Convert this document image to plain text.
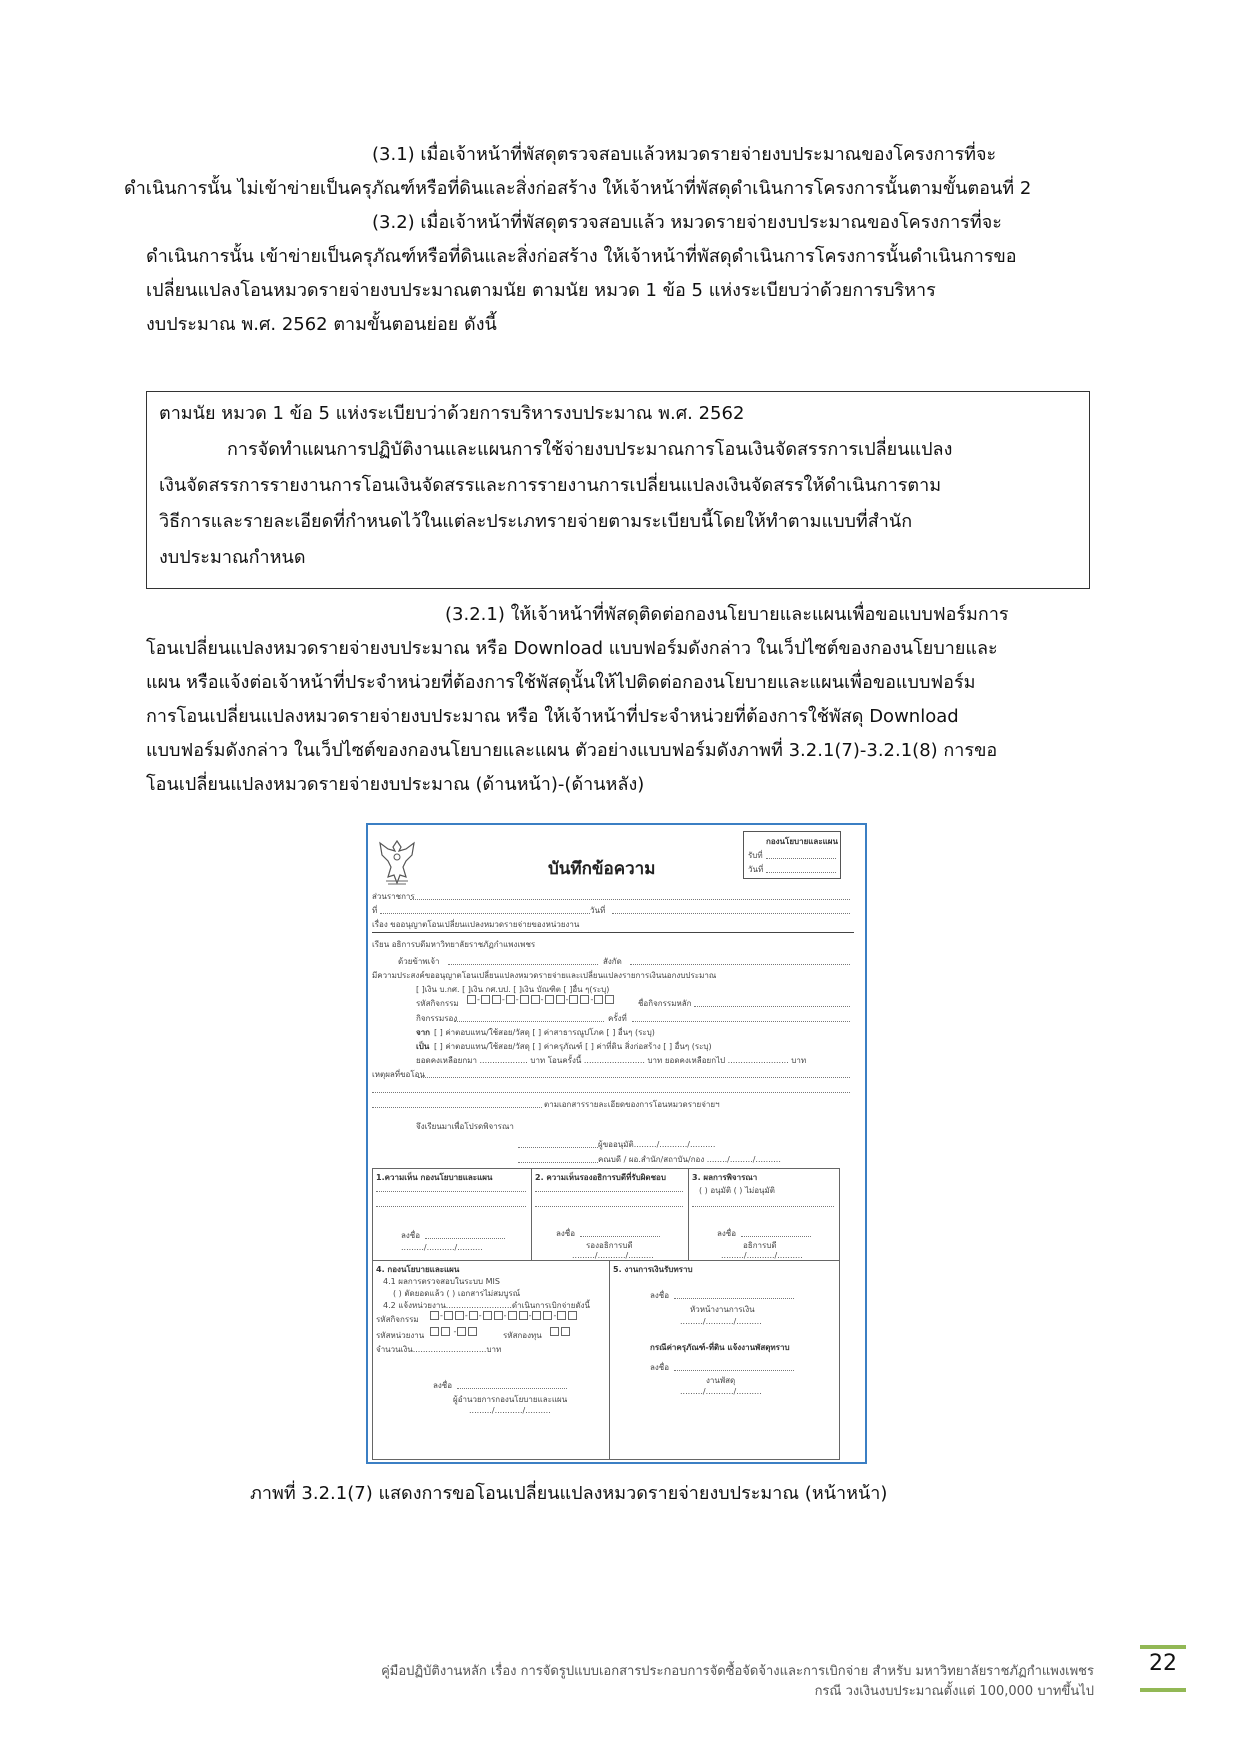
(3.1) เมื่อเจ้าหน้าที่พัสดุตรวจสอบแล้วหมวดรายจ่ายงบประมาณของโครงการที่จะ
ดำเนินการนั้น ไม่เข้าข่ายเป็นครุภัณฑ์หรือที่ดินและสิ่งก่อสร้าง ให้เจ้าหน้าที่พัสดุดำเนินการโครงการนั้นตามขั้นตอนที่ 2
(3.2) เมื่อเจ้าหน้าที่พัสดุตรวจสอบแล้ว หมวดรายจ่ายงบประมาณของโครงการที่จะ
ดำเนินการนั้น เข้าข่ายเป็นครุภัณฑ์หรือที่ดินและสิ่งก่อสร้าง ให้เจ้าหน้าที่พัสดุดำเนินการโครงการนั้นดำเนินการขอ
เปลี่ยนแปลงโอนหมวดรายจ่ายงบประมาณตามนัย ตามนัย หมวด 1 ข้อ 5 แห่งระเบียบว่าด้วยการบริหาร
งบประมาณ พ.ศ. 2562 ตามขั้นตอนย่อย ดังนี้
ตามนัย หมวด 1 ข้อ 5 แห่งระเบียบว่าด้วยการบริหารงบประมาณ พ.ศ. 2562
การจัดทำแผนการปฏิบัติงานและแผนการใช้จ่ายงบประมาณการโอนเงินจัดสรรการเปลี่ยนแปลง
เงินจัดสรรการรายงานการโอนเงินจัดสรรและการรายงานการเปลี่ยนแปลงเงินจัดสรรให้ดำเนินการตาม
วิธีการและรายละเอียดที่กำหนดไว้ในแต่ละประเภทรายจ่ายตามระเบียบนี้โดยให้ทำตามแบบที่สำนัก
งบประมาณกำหนด
(3.2.1) ให้เจ้าหน้าที่พัสดุติดต่อกองนโยบายและแผนเพื่อขอแบบฟอร์มการ
โอนเปลี่ยนแปลงหมวดรายจ่ายงบประมาณ หรือ Download แบบฟอร์มดังกล่าว ในเว็ปไซต์ของกองนโยบายและ
แผน หรือแจ้งต่อเจ้าหน้าที่ประจำหน่วยที่ต้องการใช้พัสดุนั้นให้ไปติดต่อกองนโยบายและแผนเพื่อขอแบบฟอร์ม
การโอนเปลี่ยนแปลงหมวดรายจ่ายงบประมาณ หรือ ให้เจ้าหน้าที่ประจำหน่วยที่ต้องการใช้พัสดุ Download
แบบฟอร์มดังกล่าว ในเว็ปไซต์ของกองนโยบายและแผน ตัวอย่างแบบฟอร์มดังภาพที่ 3.2.1(7)-3.2.1(8) การขอ
โอนเปลี่ยนแปลงหมวดรายจ่ายงบประมาณ (ด้านหน้า)-(ด้านหลัง)
บันทึกข้อความ
กองนโยบายและแผน
รับที่
วันที่
ส่วนราชการ
ที่	วันที่
เรื่อง ขออนุญาตโอนเปลี่ยนแปลงหมวดรายจ่ายของหน่วยงาน
เรียน อธิการบดีมหาวิทยาลัยราชภัฏกำแพงเพชร
ด้วยข้าพเจ้า	สังกัด
มีความประสงค์ขออนุญาตโอนเปลี่ยนแปลงหมวดรายจ่ายและเปลี่ยนแปลงรายการเงินนอกงบประมาณ
[ ]เงิน บ.กศ. [ ]เงิน กศ.บป. [ ]เงิน บัณฑิต [ ]อื่น ๆ(ระบุ)
รหัสกิจกรรม	-	- -	-	-	-	ชื่อกิจกรรมหลัก
กิจกรรมรอง	ครั้งที่
จาก [ ] ค่าตอบแทน/ใช้สอย/วัสดุ [ ] ค่าสาธารณูปโภค [ ] อื่นๆ (ระบุ)
เป็น [ ] ค่าตอบแทน/ใช้สอย/วัสดุ [ ] ค่าครุภัณฑ์ [ ] ค่าที่ดิน สิ่งก่อสร้าง [ ] อื่นๆ (ระบุ)
ยอดคงเหลือยกมา ................... บาท โอนครั้งนี้ ........................ บาท ยอดคงเหลือยกไป ........................ บาท
เหตุผลที่ขอโอน
ตามเอกสารรายละเอียดของการโอนหมวดรายจ่ายฯ
จึงเรียนมาเพื่อโปรดพิจารณา
ผู้ขออนุมัติ........./.........../..........
คณบดี / ผอ.สำนัก/สถาบัน/กอง ......../........./..........
1.ความเห็น กองนโยบายและแผน
ลงชื่อ
........./.........../..........
2. ความเห็นรองอธิการบดีที่รับผิดชอบ
ลงชื่อ
รองอธิการบดี
........./.........../..........
3. ผลการพิจารณา
( ) อนุมัติ ( ) ไม่อนุมัติ
ลงชื่อ
อธิการบดี
........./.........../..........
4. กองนโยบายและแผน
4.1 ผลการตรวจสอบในระบบ MIS
( ) ตัดยอดแล้ว ( ) เอกสารไม่สมบูรณ์
4.2 แจ้งหน่วยงาน..........................ดำเนินการเบิกจ่ายดังนี้
รหัสกิจกรรม	-	- -	-	-	-
รหัสหน่วยงาน	-	รหัสกองทุน
จำนวนเงิน.............................บาท
ลงชื่อ
ผู้อำนวยการกองนโยบายและแผน
........./.........../..........
5. งานการเงินรับทราบ
ลงชื่อ
หัวหน้างานการเงิน
........./.........../..........
กรณีค่าครุภัณฑ์-ที่ดิน แจ้งงานพัสดุทราบ
ลงชื่อ
งานพัสดุ
........./.........../..........
ภาพที่ 3.2.1(7) แสดงการขอโอนเปลี่ยนแปลงหมวดรายจ่ายงบประมาณ (หน้าหน้า)
คู่มือปฏิบัติงานหลัก เรื่อง การจัดรูปแบบเอกสารประกอบการจัดซื้อจัดจ้างและการเบิกจ่าย สำหรับ มหาวิทยาลัยราชภัฏกำแพงเพชร
กรณี วงเงินงบประมาณตั้งแต่ 100,000 บาทขึ้นไป
22
